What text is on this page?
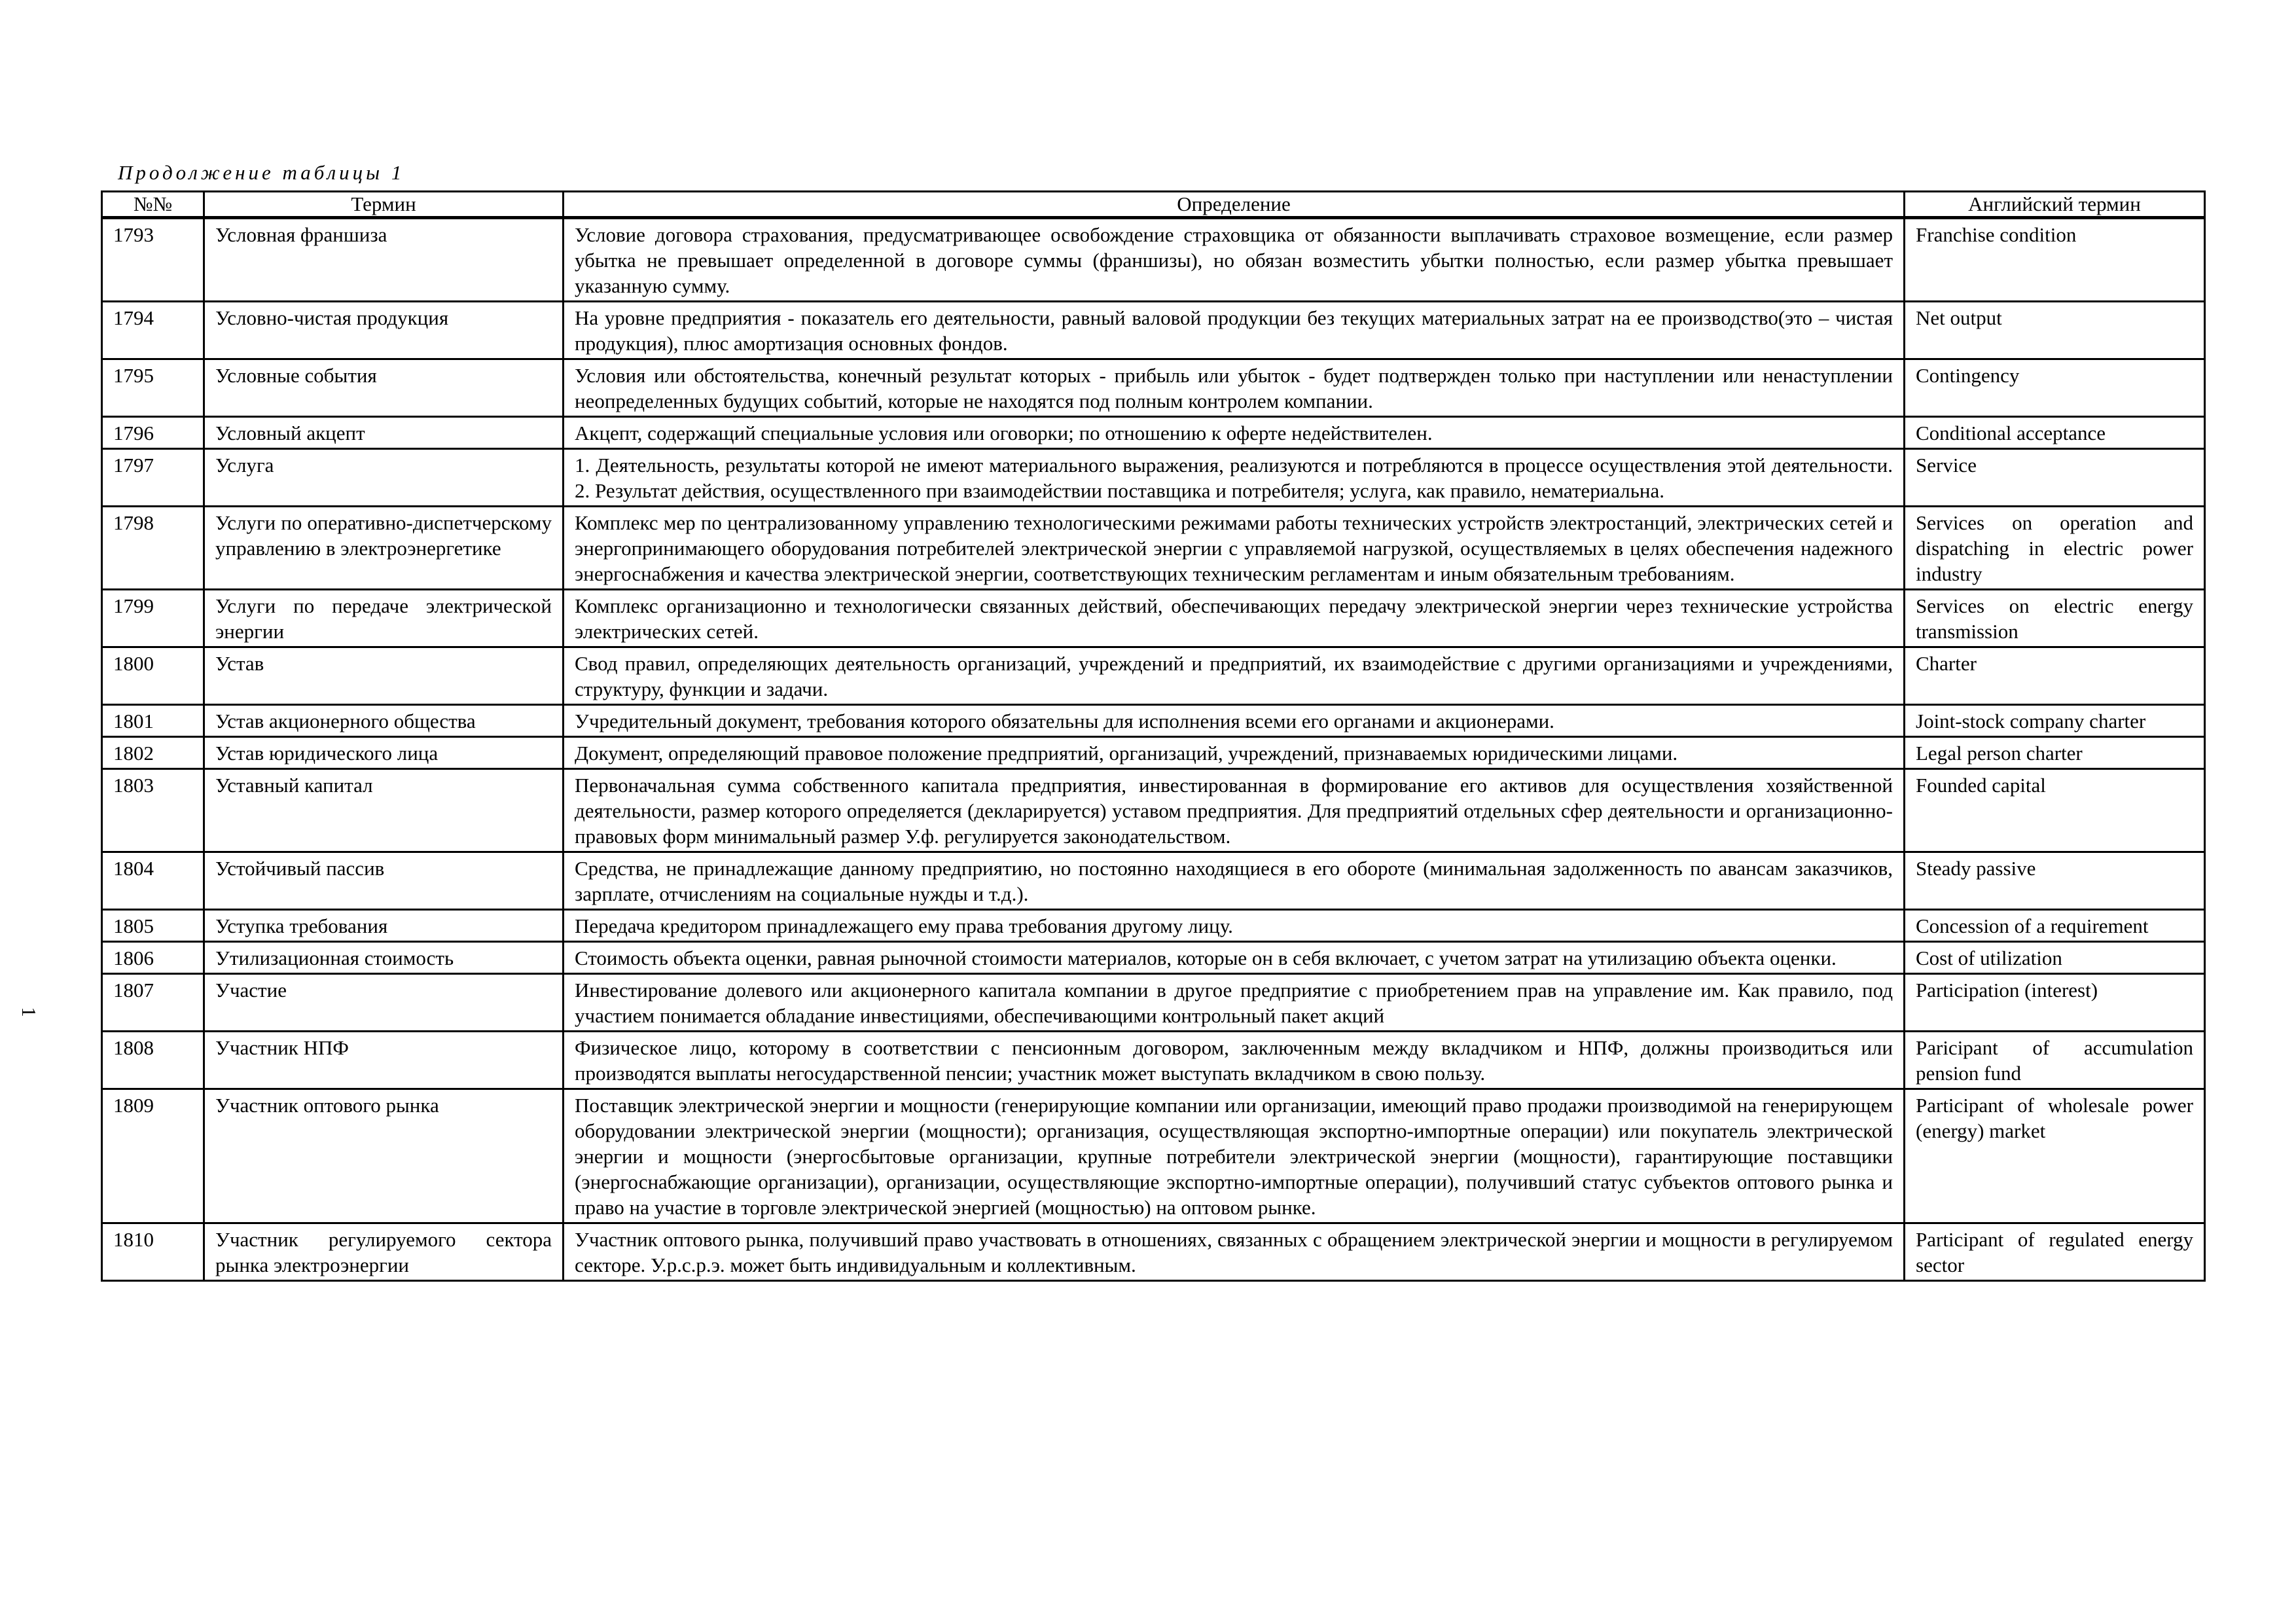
Продолжение таблицы 1
1
№№	Термин	Определение	Английский термин
1793	Условная франшиза	Условие договора страхования, предусматривающее освобождение страховщика от обязанности выплачивать страховое возмещение, если размер убытка не превышает определенной в договоре суммы (франшизы), но обязан возместить убытки полностью, если размер убытка превышает указанную сумму.	Franchise condition
1794	Условно-чистая продукция	На уровне предприятия - показатель его деятельности, равный валовой продукции без текущих материальных затрат на ее производство(это – чистая продукция), плюс амортизация основных фондов.	Net output
1795	Условные события	Условия или обстоятельства, конечный результат которых - прибыль или убыток - будет подтвержден только при наступлении или ненаступлении неопределенных будущих событий, которые не находятся под полным контролем компании.	Contingency
1796	Условный акцепт	Акцепт, содержащий специальные условия или оговорки; по отношению к оферте недействителен.	Conditional acceptance
1797	Услуга	1. Деятельность, результаты которой не имеют материального выражения, реализуются и потребляются в процессе осуществления этой деятельности. 2. Результат действия, осуществленного при взаимодействии поставщика и потребителя; услуга, как правило, нематериальна.	Service
1798	Услуги по оперативно-диспетчерскому управлению в электроэнергетике	Комплекс мер по централизованному управлению технологическими режимами работы технических устройств электростанций, электрических сетей и энергопринимающего оборудования потребителей электрической энергии с управляемой нагрузкой, осуществляемых в целях обеспечения надежного энергоснабжения и качества электрической энергии, соответствующих техническим регламентам и иным обязательным требованиям.	Services on operation and dispatching in electric power industry
1799	Услуги по передаче электрической энергии	Комплекс организационно и технологически связанных действий, обеспечивающих передачу электрической энергии через технические устройства электрических сетей.	Services on electric energy transmission
1800	Устав	Свод правил, определяющих деятельность организаций, учреждений и предприятий, их взаимодействие с другими организациями и учреждениями, структуру, функции и задачи.	Charter
1801	Устав акционерного общества	Учредительный документ, требования которого обязательны для исполнения всеми его органами и акционерами.	Joint-stock company charter
1802	Устав юридического лица	Документ, определяющий правовое положение предприятий, организаций, учреждений, признаваемых юридическими лицами.	Legal person charter
1803	Уставный капитал	Первоначальная сумма собственного капитала предприятия, инвестированная в формирование его активов для осуществления хозяйственной деятельности, размер которого определяется (декларируется) уставом предприятия. Для предприятий отдельных сфер деятельности и организационно-правовых форм минимальный размер У.ф. регулируется законодательством.	Founded capital
1804	Устойчивый пассив	Средства, не принадлежащие данному предприятию, но постоянно находящиеся в его обороте (минимальная задолженность по авансам заказчиков, зарплате, отчислениям на социальные нужды и т.д.).	Steady passive
1805	Уступка требования	Передача кредитором принадлежащего ему права требования другому лицу.	Concession of a requirement
1806	Утилизационная стоимость	Стоимость объекта оценки, равная рыночной стоимости материалов, которые он в себя включает, с учетом затрат на утилизацию объекта оценки.	Cost of utilization
1807	Участие	Инвестирование долевого или акционерного капитала компании в другое предприятие с приобретением прав на управление им. Как правило, под участием понимается обладание инвестициями, обеспечивающими контрольный пакет акций	Participation (interest)
1808	Участник НПФ	Физическое лицо, которому в соответствии с пенсионным договором, заключенным между вкладчиком и НПФ, должны производиться или производятся выплаты негосударственной пенсии; участник может выступать вкладчиком в свою пользу.	Paricipant of accumulation pension fund
1809	Участник оптового рынка	Поставщик электрической энергии и мощности (генерирующие компании или организации, имеющий право продажи производимой на генерирующем оборудовании электрической энергии (мощности); организация, осуществляющая экспортно-импортные операции) или покупатель электрической энергии и мощности (энергосбытовые организации, крупные потребители электрической энергии (мощности), гарантирующие поставщики (энергоснабжающие организации), организации, осуществляющие экспортно-импортные операции), получивший статус субъектов оптового рынка и право на участие в торговле электрической энергией (мощностью) на оптовом рынке.	Participant of wholesale power (energy) market
1810	Участник регулируемого сектора рынка электроэнергии	Участник оптового рынка, получивший право участвовать в отношениях, связанных с обращением электрической энергии и мощности в регулируемом секторе. У.р.с.р.э. может быть индивидуальным и коллективным.	Participant of regulated energy sector
